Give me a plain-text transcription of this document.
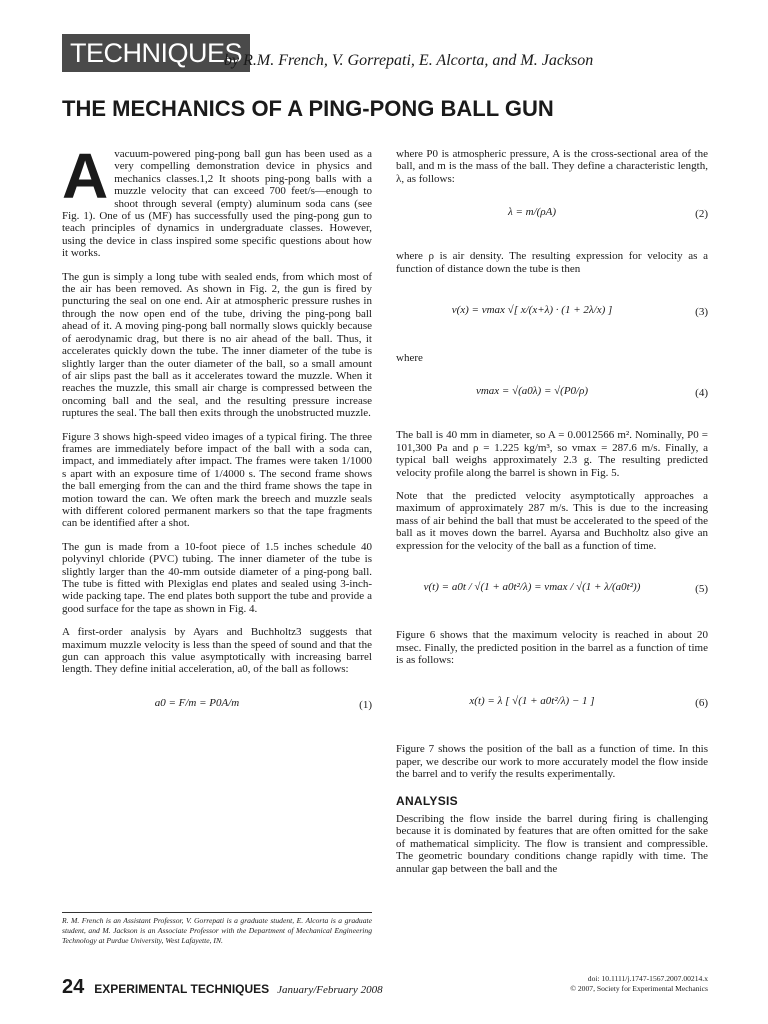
TECHNIQUES
by R.M. French, V. Gorrepati, E. Alcorta, and M. Jackson
THE MECHANICS OF A PING-PONG BALL GUN

Avacuum-powered ping-pong ball gun has been used as a very compelling demonstration device in physics and mechanics classes.1,2 It shoots ping-pong balls with a muzzle velocity that can exceed 700 feet/s—enough to shoot through several (empty) aluminum soda cans (see Fig. 1). One of us (MF) has successfully used the ping-pong gun to teach principles of dynamics in undergraduate classes. However, using the device in class inspired some specific questions about how it works.

The gun is simply a long tube with sealed ends, from which most of the air has been removed. As shown in Fig. 2, the gun is fired by puncturing the seal on one end. Air at atmospheric pressure rushes in through the now open end of the tube, driving the ping-pong ball ahead of it. A moving ping-pong ball normally slows quickly because of aerodynamic drag, but there is no air ahead of the ball. Thus, it accelerates quickly down the tube. The inner diameter of the tube is slightly larger than the outer diameter of the ball, so a small amount of air slips past the ball as it accelerates toward the muzzle. When it reaches the muzzle, this small air charge is compressed between the oncoming ball and the seal, and the resulting pressure increase ruptures the seal. The ball then exits through the unobstructed muzzle.

Figure 3 shows high-speed video images of a typical firing. The three frames are immediately before impact of the ball with a soda can, impact, and immediately after impact. The frames were taken 1/1000 s apart with an exposure time of 1/4000 s. The second frame shows the ball emerging from the can and the third frame shows the tape in motion toward the can. We often mark the breech and muzzle seals with different colored permanent markers so that the tape fragments can be identified after a shot.

The gun is made from a 10-foot piece of 1.5 inches schedule 40 polyvinyl chloride (PVC) tubing. The inner diameter of the tube is slightly larger than the 40-mm outside diameter of a ping-pong ball. The tube is fitted with Plexiglas end plates and sealed using 3-inch-wide packing tape. The end plates both support the tube and provide a good surface for the tape as shown in Fig. 4.

A first-order analysis by Ayars and Buchholtz3 suggests that maximum muzzle velocity is less than the speed of sound and that the gun can approach this value asymptotically with increasing barrel length. They define initial acceleration, a0, of the ball as follows:

a0 = F/m = P0A/m	(1)

where P0 is atmospheric pressure, A is the cross-sectional area of the ball, and m is the mass of the ball. They define a characteristic length, λ, as follows:

λ = m/(ρA)	(2)

where ρ is air density. The resulting expression for velocity as a function of distance down the tube is then

v(x) = vmax √[ x/(x+λ) · (1 + 2λ/x) ]	(3)

where

vmax = √(a0λ) = √(P0/ρ)	(4)

The ball is 40 mm in diameter, so A = 0.0012566 m². Nominally, P0 = 101,300 Pa and ρ = 1.225 kg/m³, so vmax = 287.6 m/s. Finally, a typical ball weighs approximately 2.3 g. The resulting predicted velocity profile along the barrel is shown in Fig. 5.

Note that the predicted velocity asymptotically approaches a maximum of approximately 287 m/s. This is due to the increasing mass of air behind the ball that must be accelerated to the speed of the ball as it moves down the barrel. Ayarsa and Buchholtz also give an expression for the velocity of the ball as a function of time.

v(t) = a0t / √(1 + a0t²/λ) = vmax / √(1 + λ/(a0t²))	(5)

Figure 6 shows that the maximum velocity is reached in about 20 msec. Finally, the predicted position in the barrel as a function of time is as follows:

x(t) = λ [ √(1 + a0t²/λ) − 1 ]	(6)

Figure 7 shows the position of the ball as a function of time. In this paper, we describe our work to more accurately model the flow inside the barrel and to verify the results experimentally.

ANALYSIS

Describing the flow inside the barrel during firing is challenging because it is dominated by features that are often omitted for the sake of mathematical simplicity. The flow is transient and compressible. The geometric boundary conditions change rapidly with time. The annular gap between the ball and the

R. M. French is an Assistant Professor, V. Gorrepati is a graduate student, E. Alcorta is a graduate student, and M. Jackson is an Associate Professor with the Department of Mechanical Engineering Technology at Purdue University, West Lafayette, IN.
24 EXPERIMENTAL TECHNIQUES January/February 2008
doi: 10.1111/j.1747-1567.2007.00214.x
© 2007, Society for Experimental Mechanics
